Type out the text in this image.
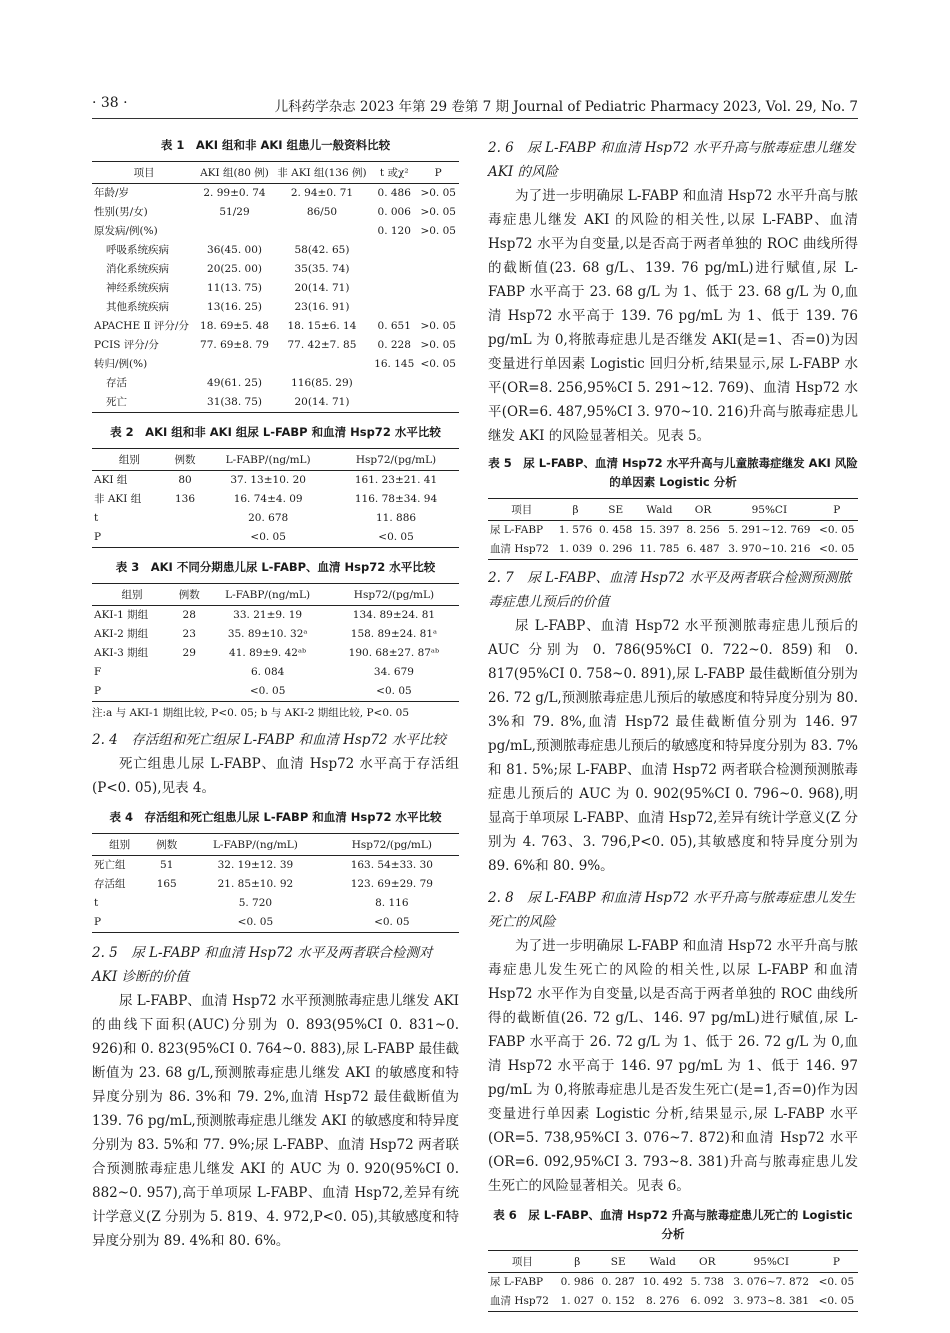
· 38 ·	儿科药学杂志 2023 年第 29 卷第 7 期 Journal of Pediatric Pharmacy 2023, Vol. 29, No. 7
表 1　AKI 组和非 AKI 组患儿一般资料比较
项目	AKI 组(80 例)	非 AKI 组(136 例)	t 或χ²	P
年龄/岁	2. 99±0. 74	2. 94±0. 71	0. 486	>0. 05
性别(男/女)	51/29	86/50	0. 006	>0. 05
原发病/例(%)			0. 120	>0. 05
呼吸系统疾病	36(45. 00)	58(42. 65)		
消化系统疾病	20(25. 00)	35(35. 74)		
神经系统疾病	11(13. 75)	20(14. 71)		
其他系统疾病	13(16. 25)	23(16. 91)		
APACHE Ⅱ 评分/分	18. 69±5. 48	18. 15±6. 14	0. 651	>0. 05
PCIS 评分/分	77. 69±8. 79	77. 42±7. 85	0. 228	>0. 05
转归/例(%)			16. 145	<0. 05
存活	49(61. 25)	116(85. 29)		
死亡	31(38. 75)	20(14. 71)		
表 2　AKI 组和非 AKI 组尿 L-FABP 和血清 Hsp72 水平比较
组别	例数	L-FABP/(ng/mL)	Hsp72/(pg/mL)
AKI 组	80	37. 13±10. 20	161. 23±21. 41
非 AKI 组	136	16. 74±4. 09	116. 78±34. 94
t		20. 678	11. 886
P		<0. 05	<0. 05
表 3　AKI 不同分期患儿尿 L-FABP、血清 Hsp72 水平比较
组别	例数	L-FABP/(ng/mL)	Hsp72/(pg/mL)
AKI-1 期组	28	33. 21±9. 19	134. 89±24. 81
AKI-2 期组	23	35. 89±10. 32ᵃ	158. 89±24. 81ᵃ
AKI-3 期组	29	41. 89±9. 42ᵃᵇ	190. 68±27. 87ᵃᵇ
F		6. 084	34. 679
P		<0. 05	<0. 05
注:a 与 AKI-1 期组比较, P<0. 05; b 与 AKI-2 期组比较, P<0. 05
2. 4　存活组和死亡组尿 L-FABP 和血清 Hsp72 水平比较

死亡组患儿尿 L-FABP、血清 Hsp72 水平高于存活组(P<0. 05),见表 4。

表 4　存活组和死亡组患儿尿 L-FABP 和血清 Hsp72 水平比较
组别	例数	L-FABP/(ng/mL)	Hsp72/(pg/mL)
死亡组	51	32. 19±12. 39	163. 54±33. 30
存活组	165	21. 85±10. 92	123. 69±29. 79
t		5. 720	8. 116
P		<0. 05	<0. 05
2. 5　尿 L-FABP 和血清 Hsp72 水平及两者联合检测对 AKI 诊断的价值

尿 L-FABP、血清 Hsp72 水平预测脓毒症患儿继发 AKI 的曲线下面积(AUC)分别为 0. 893(95%CI 0. 831~0. 926)和 0. 823(95%CI 0. 764~0. 883),尿 L-FABP 最佳截断值为 23. 68 g/L,预测脓毒症患儿继发 AKI 的敏感度和特异度分别为 86. 3%和 79. 2%,血清 Hsp72 最佳截断值为 139. 76 pg/mL,预测脓毒症患儿继发 AKI 的敏感度和特异度分别为 83. 5%和 77. 9%;尿 L-FABP、血清 Hsp72 两者联合预测脓毒症患儿继发 AKI 的 AUC 为 0. 920(95%CI 0. 882~0. 957),高于单项尿 L-FABP、血清 Hsp72,差异有统计学意义(Z 分别为 5. 819、4. 972,P<0. 05),其敏感度和特异度分别为 89. 4%和 80. 6%。

2. 6　尿 L-FABP 和血清 Hsp72 水平升高与脓毒症患儿继发 AKI 的风险

为了进一步明确尿 L-FABP 和血清 Hsp72 水平升高与脓毒症患儿继发 AKI 的风险的相关性,以尿 L-FABP、血清 Hsp72 水平为自变量,以是否高于两者单独的 ROC 曲线所得的截断值(23. 68 g/L、139. 76 pg/mL)进行赋值,尿 L-FABP 水平高于 23. 68 g/L 为 1、低于 23. 68 g/L 为 0,血清 Hsp72 水平高于 139. 76 pg/mL 为 1、低于 139. 76 pg/mL 为 0,将脓毒症患儿是否继发 AKI(是=1、否=0)为因变量进行单因素 Logistic 回归分析,结果显示,尿 L-FABP 水平(OR=8. 256,95%CI 5. 291~12. 769)、血清 Hsp72 水平(OR=6. 487,95%CI 3. 970~10. 216)升高与脓毒症患儿继发 AKI 的风险显著相关。见表 5。

表 5　尿 L-FABP、血清 Hsp72 水平升高与儿童脓毒症继发 AKI 风险的单因素 Logistic 分析
项目	β	SE	Wald	OR	95%CI	P
尿 L-FABP	1. 576	0. 458	15. 397	8. 256	5. 291~12. 769	<0. 05
血清 Hsp72	1. 039	0. 296	11. 785	6. 487	3. 970~10. 216	<0. 05
2. 7　尿 L-FABP、血清 Hsp72 水平及两者联合检测预测脓毒症患儿预后的价值

尿 L-FABP、血清 Hsp72 水平预测脓毒症患儿预后的 AUC 分别为 0. 786(95%CI 0. 722~0. 859)和 0. 817(95%CI 0. 758~0. 891),尿 L-FABP 最佳截断值分别为 26. 72 g/L,预测脓毒症患儿预后的敏感度和特异度分别为 80. 3%和 79. 8%,血清 Hsp72 最佳截断值分别为 146. 97 pg/mL,预测脓毒症患儿预后的敏感度和特异度分别为 83. 7%和 81. 5%;尿 L-FABP、血清 Hsp72 两者联合检测预测脓毒症患儿预后的 AUC 为 0. 902(95%CI 0. 796~0. 968),明显高于单项尿 L-FABP、血清 Hsp72,差异有统计学意义(Z 分别为 4. 763、3. 796,P<0. 05),其敏感度和特异度分别为 89. 6%和 80. 9%。

2. 8　尿 L-FABP 和血清 Hsp72 水平升高与脓毒症患儿发生死亡的风险

为了进一步明确尿 L-FABP 和血清 Hsp72 水平升高与脓毒症患儿发生死亡的风险的相关性,以尿 L-FABP 和血清 Hsp72 水平作为自变量,以是否高于两者单独的 ROC 曲线所得的截断值(26. 72 g/L、146. 97 pg/mL)进行赋值,尿 L-FABP 水平高于 26. 72 g/L 为 1、低于 26. 72 g/L 为 0,血清 Hsp72 水平高于 146. 97 pg/mL 为 1、低于 146. 97 pg/mL 为 0,将脓毒症患儿是否发生死亡(是=1,否=0)作为因变量进行单因素 Logistic 分析,结果显示,尿 L-FABP 水平(OR=5. 738,95%CI 3. 076~7. 872)和血清 Hsp72 水平(OR=6. 092,95%CI 3. 793~8. 381)升高与脓毒症患儿发生死亡的风险显著相关。见表 6。

表 6　尿 L-FABP、血清 Hsp72 升高与脓毒症患儿死亡的 Logistic 分析
项目	β	SE	Wald	OR	95%CI	P
尿 L-FABP	0. 986	0. 287	10. 492	5. 738	3. 076~7. 872	<0. 05
血清 Hsp72	1. 027	0. 152	8. 276	6. 092	3. 973~8. 381	<0. 05
